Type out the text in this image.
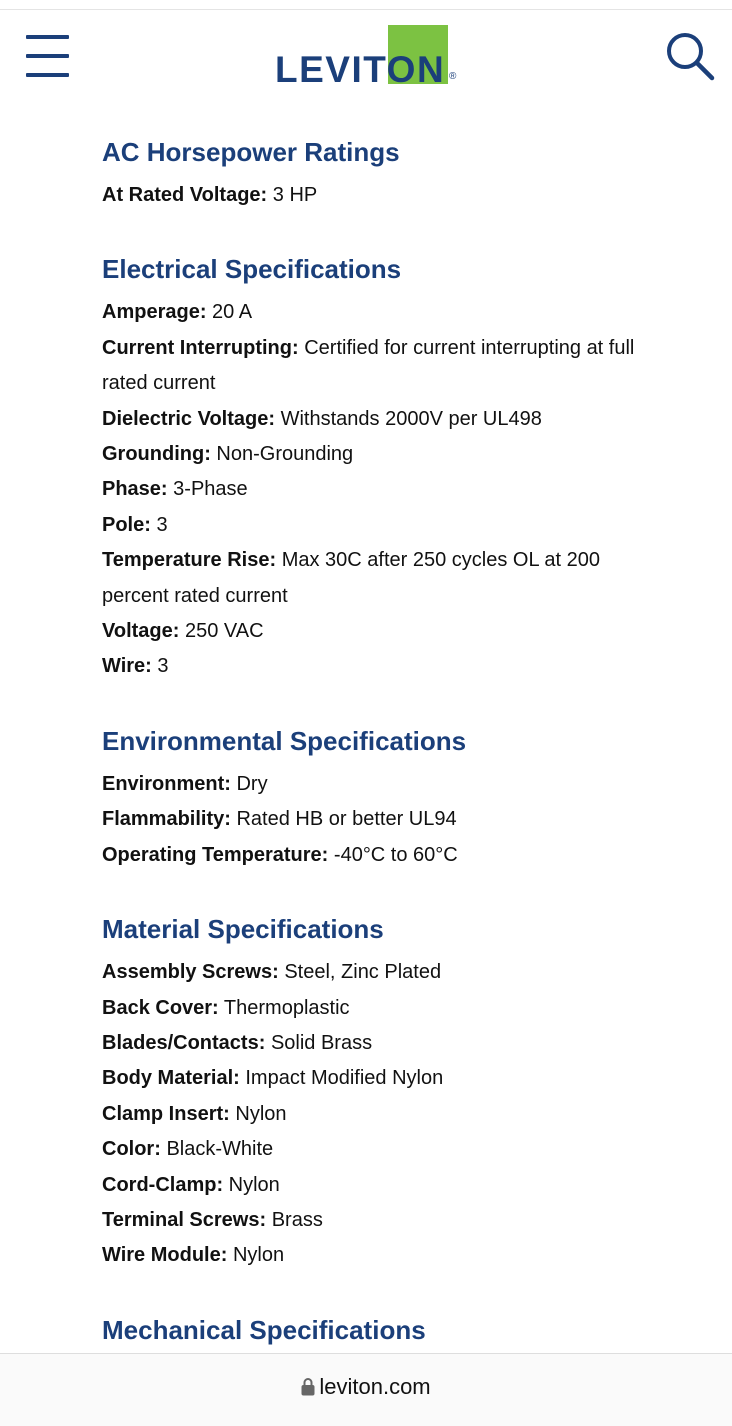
LEVITON ®
AC Horsepower Ratings

At Rated Voltage: 3 HP

Electrical Specifications

Amperage: 20 A

Current Interrupting: Certified for current interrupting at full rated current

Dielectric Voltage: Withstands 2000V per UL498

Grounding: Non-Grounding

Phase: 3-Phase

Pole: 3

Temperature Rise: Max 30C after 250 cycles OL at 200 percent rated current

Voltage: 250 VAC

Wire: 3

Environmental Specifications

Environment: Dry

Flammability: Rated HB or better UL94

Operating Temperature: -40°C to 60°C

Material Specifications

Assembly Screws: Steel, Zinc Plated

Back Cover: Thermoplastic

Blades/Contacts: Solid Brass

Body Material: Impact Modified Nylon

Clamp Insert: Nylon

Color: Black-White

Cord-Clamp: Nylon

Terminal Screws: Brass

Wire Module: Nylon

Mechanical Specifications
leviton.com
